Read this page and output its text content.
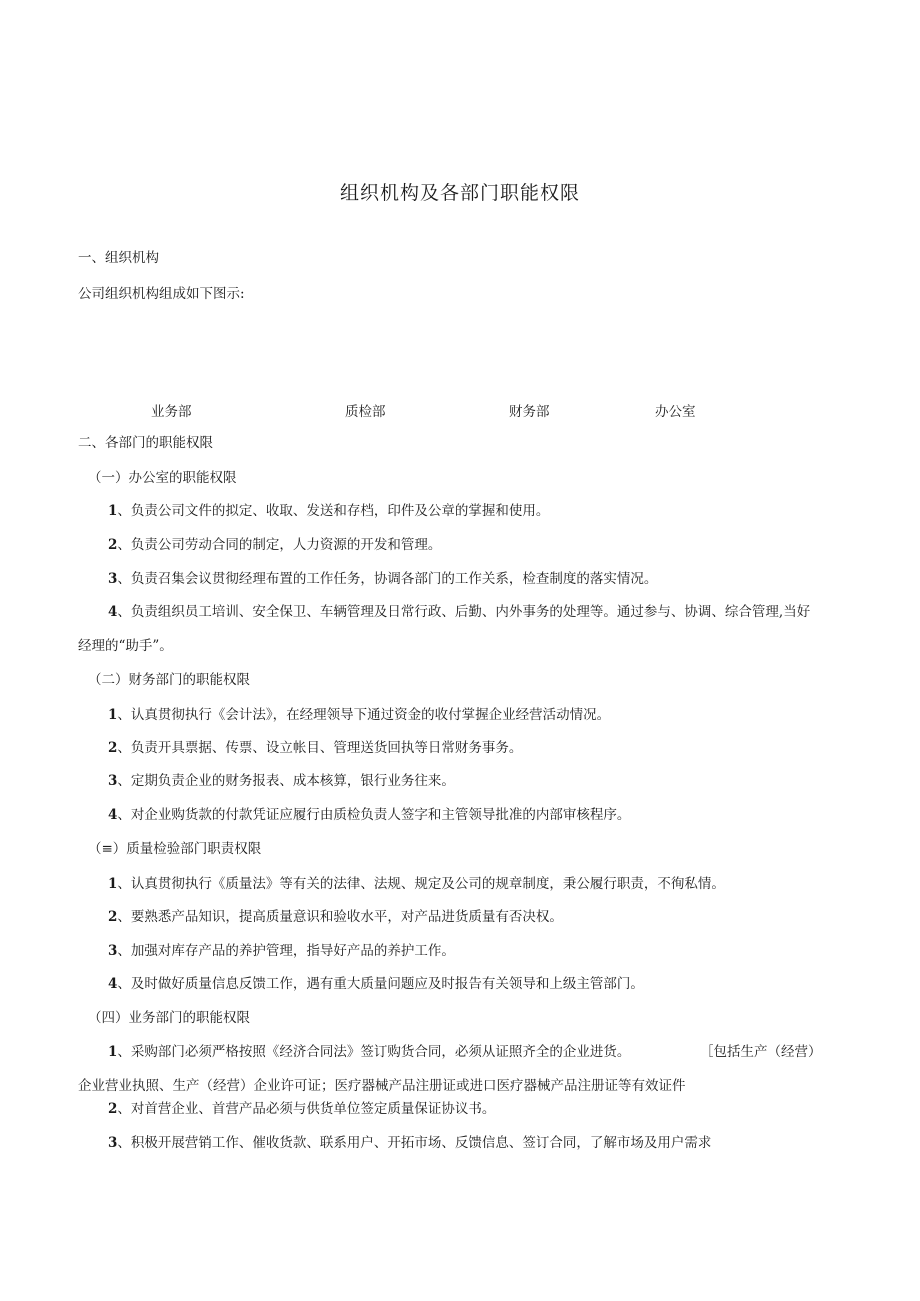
组织机构及各部门职能权限
一、组织机构
公司组织机构组成如下图示:
业务部	质检部	财务部	办公室
二、各部门的职能权限
（一）办公室的职能权限
1、负责公司文件的拟定、收取、发送和存档，印件及公章的掌握和使用。
2、负责公司劳动合同的制定，人力资源的开发和管理。
3、负责召集会议贯彻经理布置的工作任务，协调各部门的工作关系，检查制度的落实情况。
4、负责组织员工培训、安全保卫、车辆管理及日常行政、后勤、内外事务的处理等。通过参与、协调、综合管理,当好
经理的“助手”。
（二）财务部门的职能权限
1、认真贯彻执行《会计法》，在经理领导下通过资金的收付掌握企业经营活动情况。
2、负责开具票据、传票、设立帐目、管理送货回执等日常财务事务。
3、定期负责企业的财务报表、成本核算，银行业务往来。
4、对企业购货款的付款凭证应履行由质检负责人签字和主管领导批准的内部审核程序。
（≡）质量检验部门职责权限
1、认真贯彻执行《质量法》等有关的法律、法规、规定及公司的规章制度，秉公履行职责，不徇私情。
2、要熟悉产品知识，提高质量意识和验收水平，对产品进货质量有否决权。
3、加强对库存产品的养护管理，指导好产品的养护工作。
4、及时做好质量信息反馈工作，遇有重大质量问题应及时报告有关领导和上级主管部门。
（四）业务部门的职能权限
1、采购部门必须严格按照《经济合同法》签订购货合同，必须从证照齐全的企业进货。	［包括生产（经营）
企业营业执照、生产（经营）企业许可证；医疗器械产品注册证或进口医疗器械产品注册证等有效证件
2、对首营企业、首营产品必须与供货单位签定质量保证协议书。
3、积极开展营销工作、催收货款、联系用户、开拓市场、反馈信息、签订合同，了解市场及用户需求
